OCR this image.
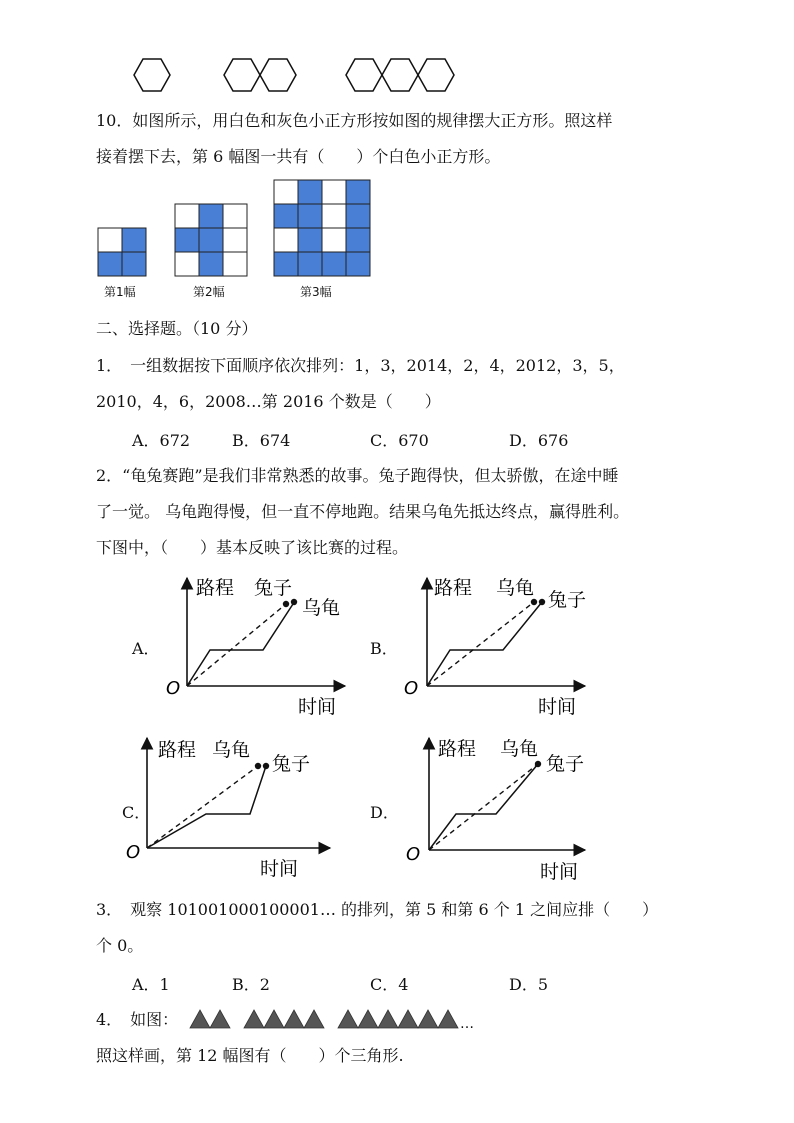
10．如图所示，用白色和灰色小正方形按如图的规律摆大正方形。照这样
接着摆下去，第 6 幅图一共有（　　）个白色小正方形。
第1幅	第2幅	第3幅
二、选择题。（10 分）
1．　一组数据按下面顺序依次排列：1，3，2014，2，4，2012，3，5，
2010，4，6，2008…第 2016 个数是（　　）
A．672	B．674	C．670	D．676
2．“龟兔赛跑”是我们非常熟悉的故事。兔子跑得快，但太骄傲，在途中睡
了一觉。 乌龟跑得慢，但一直不停地跑。结果乌龟先抵达终点，赢得胜利。
下图中，（　　）基本反映了该比赛的过程。
A．	B．
C．	D．
路程 兔子
乌龟
O
时间
路程 乌龟
兔子
O
时间
路程 乌龟
兔子
O
时间
路程 乌龟
兔子
O
时间
3．　观察 101001000100001… 的排列，第 5 和第 6 个 1 之间应排（　　）
个 0。
A．1	B．2	C．4	D．5
4．　如图：	…
照这样画，第 12 幅图有（　　）个三角形.
